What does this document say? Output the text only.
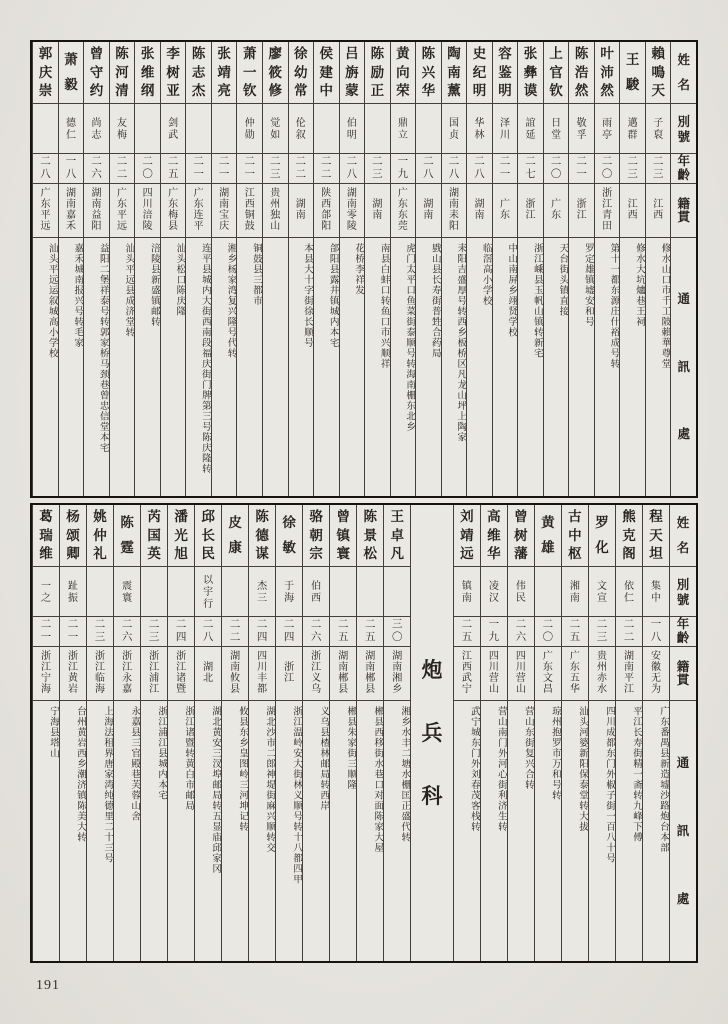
姓
名
別
號
年
齡
籍
貫
通
訊
處
賴
鳴
天
子
裒
二
三
江
西
修水山口市千工陂賴華尊堂
王
駿
邁
群
二
三
江
西
修水大坑爐巷王祠
叶
沛
然
雨
亭
二
〇
浙
江
青
田
第十一都东源庄什裕成号转
陈
浩
然
敬
孚
二
一
浙
江
罗定雄镇墟安和号
上
官
钦
日
堂
二
〇
广
东
天台街头镇直接
张
彝
谟
誼
延
二
七
浙
江
浙江嵊县玉帆山镇转新宅
容
鉴
明
泽
川
二
一
广
东
中山南屏乡翊贤学校
史
纪
明
华
林
二
八
湖
南
临滘高小学校
陶
南
薰
国
贞
二
八
湖
南
耒
阳
耒阳吉盛厚号转西乡板桥区凡龙山坪上陶家
陈
兴
华
二
八
湖
南
戥山县长寿街普甡合药局
黄
向
荣
鼎
立
一
九
广
东
东
莞
虎门太平口鱼菜街泰顺号转海南栅东北乡
陈
励
正
二
三
湖
南
南县白蚌口转鱼口市兴顺祥
吕
旃
蒙
伯
明
二
八
湖
南
零
陵
花桥李祥发
侯
建
中
二
二
陕
西
郃
阳
郃阳县露井镇城内本宅
徐
幼
常
伦
叙
二
二
湖
南
本县大十字街徐长顺号
廖
筱
修
觉
如
二
三
贵
州
独
山
萧
一
钦
仲
勋
二
一
江
西
铜
鼓
铜鼓县三都市
张
靖
亮
二
一
湖
南
宝
庆
湘乡杨家湾复兴隆号代转
陈
志
杰
二
一
广
东
连
平
连平县城内大街西南段福庆街门牌第三号陈庆隆转
李
树
亚
剑
武
二
五
广
东
梅
县
汕头松口陈庆隆
张
维
纲
二
〇
四
川
涪
陵
涪陵县新盛镇邮转
陈
河
清
友
梅
二
二
广
东
平
远
汕头平远县成济堂转
曾
守
约
尚
志
二
六
湖
南
益
阳
益阳二堡祥泰号转郭家桥马颈巷曾忠信堂本宅
萧
毅
德
仁
一
八
湖
南
嘉
禾
嘉禾城南报兴号转毛家
郭
庆
崇
二
八
广
东
平
远
汕头平远运叙城高小学校
姓
名
別
號
年
齡
籍
貫
通
訊
處
程
天
坦
集
中
一
八
安
徽
无
为
广东番禺县新造墟沙路炮台本部
熊
克
阁
依
仁
二
二
湖
南
平
江
平江长寿街精一斋转九峰下傅
罗
化
文
宣
二
三
贵
州
赤
水
四川成都东门外椒子街一百八十号
古
中
枢
湘
南
二
五
广
东
五
华
汕头河婆新阳保泰堂转大拔
黄
雄
二
〇
广
东
文
昌
琼州抱罗市万和号转
曾
树
藩
伟
民
二
六
四
川
营
山
营山东街复兴合转
高
维
华
凌
汉
一
九
四
川
营
山
营山南门外河心街利济生转
刘
靖
远
镇
南
二
五
江
西
武
宁
武宁城东门外刘春茂客栈转
炮
兵
科
王
卓
凡
三
〇
湖
南
湘
乡
湘乡水丰二塘水栅匡正盛代转
陈
景
松
二
五
湖
南
郴
县
郴县西移街水巷口对面陈家大屋
曾
镇
寰
二
五
湖
南
郴
县
郴县朱家街三顺隆
骆
朝
宗
伯
西
二
六
浙
江
义
乌
义乌县楂林邮局转西岸
徐
敏
于
海
二
四
浙
江
浙江温岭安大街林义顺号转十八都四甲
陈
德
谋
杰
三
二
四
四
川
丰
都
湖北沙市二郎神堤街麻兴顺转交
皮
康
二
二
湖
南
攸
县
攸县东乡皇图岭三河坤记转
邱
长
民
以
宇
行
二
八
湖
北
湖北黄安三汊埠邮局转五显庙邱家冈
潘
光
旭
二
四
浙
江
诸
暨
浙江诸暨转黄白市邮局
芮
国
英
二
三
浙
江
浦
江
浙江浦江县城内本宅
陈
霆
震
寰
二
六
浙
江
永
嘉
永嘉县三官殿巷芙蓉山舍
姚
仲
礼
二
三
浙
江
临
海
上海法租界唐家湾纯德里二十三号
杨
颂
卿
趾
振
二
一
浙
江
黄
岩
台州黄岩西乡潮济镇陈美大转
葛
瑞
维
一
之
二
一
浙
江
宁
海
宁海县塔山
191
